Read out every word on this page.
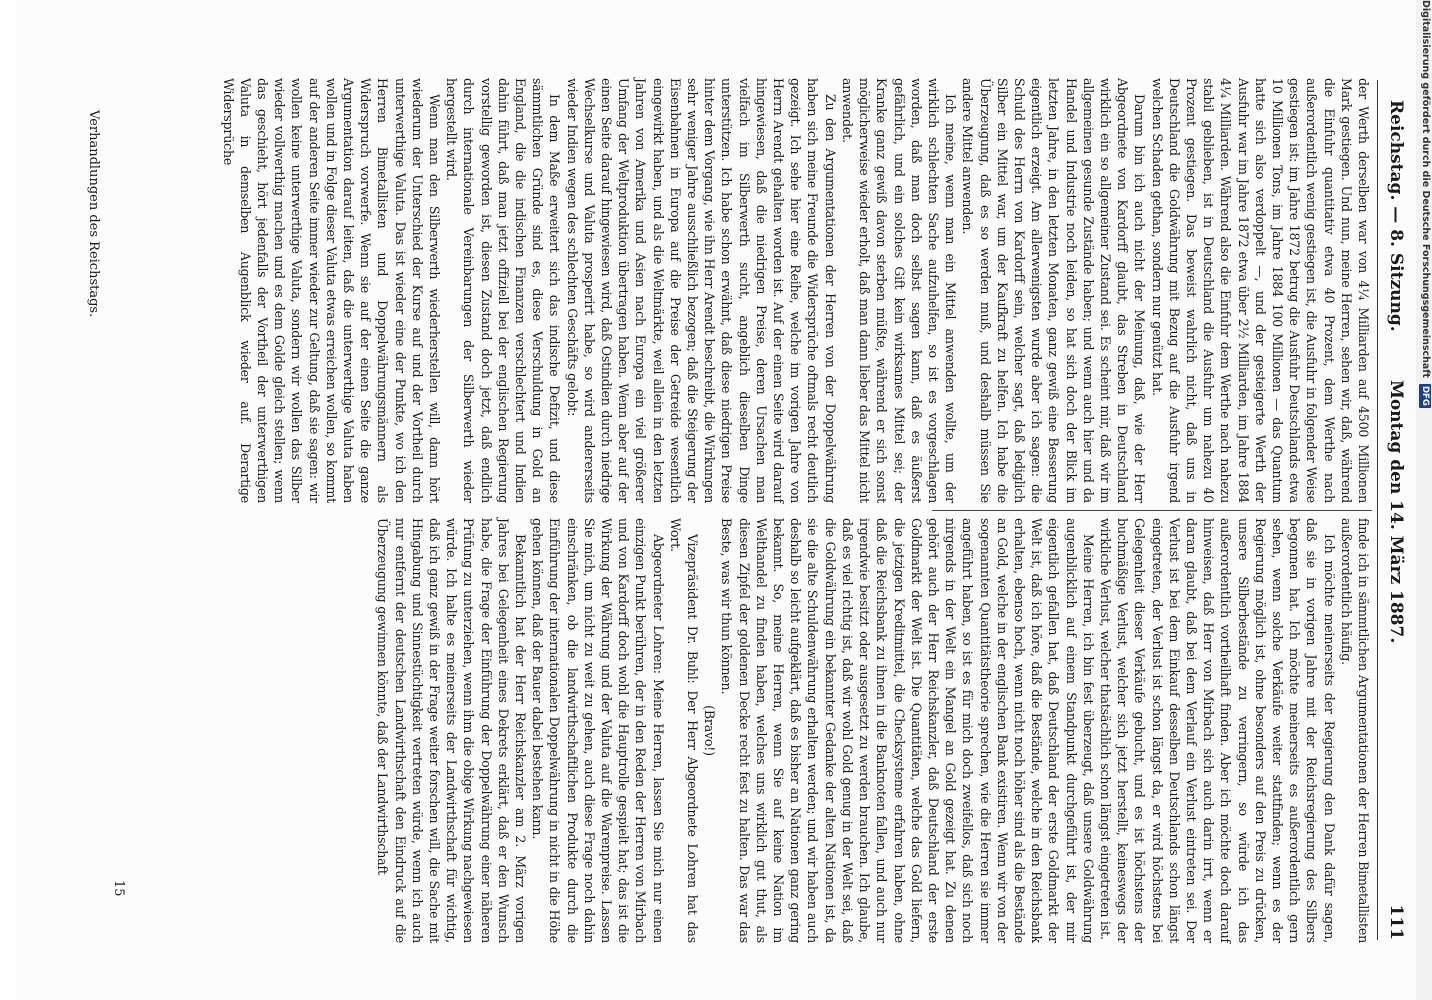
Reichstag. — 8. Sitzung.
Montag den 14. März 1887.
111

der Werth derselben war von 4¼ Milliarden auf 4500 Millionen Mark gestiegen. Und nun, meine Herren, sehen wir, daß, während die Einfuhr quantitativ etwa 40 Prozent, dem Werthe nach außerordentlich wenig gestiegen ist, die Ausfuhr in folgender Weise gestiegen ist: im Jahre 1872 betrug die Ausfuhr Deutschlands etwa 10 Millionen Tons, im Jahre 1884 100 Millionen — das Quantum hatte sich also verdoppelt —, und der gesteigerte Werth der Ausfuhr war im Jahre 1872 etwa über 2½ Milliarden, im Jahre 1884 4¼ Milliarden. Während also die Einfuhr dem Werthe nach nahezu stabil geblieben, ist in Deutschland die Ausfuhr um nahezu 40 Prozent gestiegen. Das beweist wahrlich nicht, daß uns in Deutschland die Goldwährung mit Bezug auf die Ausfuhr irgend welchen Schaden gethan, sondern nur genützt hat.

Darum bin ich auch nicht der Meinung, daß, wie der Herr Abgeordnete von Kardorff glaubt, das Streben in Deutschland wirklich ein so allgemeiner Zustand sei. Es scheint mir, daß wir im allgemeinen gesunde Zustände haben; und wenn auch hier und da Handel und Industrie noch leiden, so hat sich doch der Blick im letzten Jahre, in den letzten Monaten, ganz gewiß eine Besserung eigentlich erzeigt. Am allerwenigsten wurde aber ich sagen: die Schuld des Herrn von Kardorff sein, welcher sagt, daß lediglich Silber ein Mittel war, um der Kaufkraft zu helfen. Ich habe die Überzeugung, daß es so werden muß, und deshalb müssen Sie andere Mittel anwenden.

Ich meine, wenn man ein Mittel anwenden wollte, um der wirklich schlechten Sache aufzuhelfen, so ist es vorgeschlagen worden, daß man doch selbst sagen kann, daß es äußerst gefährlich, und ein solches Gift kein wirksames Mittel sei; der Kranke ganz gewiß davon sterben müßte, während er sich sonst möglicherweise wieder erholt, daß man dann lieber das Mittel nicht anwendet.

Zu den Argumentationen der Herren von der Doppelwährung haben sich meine Freunde die Widersprüche oftmals recht deutlich gezeigt. Ich sehe hier eine Reihe, welche im vorigen Jahre von Herrn Arendt gehalten worden ist. Auf der einen Seite wird darauf hingewiesen, daß die niedrigen Preise, deren Ursachen man vielfach im Silberwerth sucht, angeblich dieselben Dinge unterstützen. Ich habe schon erwähnt, daß diese niedrigen Preise hinter dem Vorgang, wie ihn Herr Arendt beschreibt, die Wirkungen sehr weniger Jahre ausschließlich bezogen; daß die Steigerung der Eisenbahnen in Europa auf die Preise der Getreide wesentlich eingewirkt haben, und als die Weltmärkte, weil allein in den letzten Jahren von Amerika und Asien nach Europa ein viel größerer Umfang der Weltproduktion übertragen haben. Wenn aber auf der einen Seite darauf hingewiesen wird, daß Ostindien durch niedrige Wechselkurse und Valuta prosperirt habe, so wird andererseits wieder Indien wegen des schlechten Geschäfts gelobt:

In dem Maße erweitert sich das indische Defizit, und diese sämmtlichen Gründe sind es, diese Verschuldung in Gold an England, die die indischen Finanzen verschlechtert und Indien dahin führt, daß man jetzt offiziell bei der englischen Regierung vorstellig geworden ist, diesen Zustand doch jetzt, daß endlich durch internationale Vereinbarungen der Silberwerth wieder hergestellt wird.

Wenn man den Silberwerth wiederherstellen will, dann hört wiederum der Unterschied der Kurse auf und der Vortheil durch unterwerthige Valuta. Das ist wieder eine der Punkte, wo ich den Herren Bimetallisten und Doppelwährungsmännern als Widerspruch vorwerfe. Wenn sie auf der einen Seite die ganze Argumentation darauf leiten, daß die unterwerthige Valuta haben wollen und in Folge dieser Valuta etwas erreichen wollen, so kommt auf der anderen Seite immer wieder zur Geltung, daß sie sagen: wir wollen keine unterwerthige Valuta, sondern wir wollen das Silber wieder vollwerthig machen und es dem Golde gleich stellen; wenn das geschieht, hört jedenfalls der Vortheil der unterwerthigen Valuta in demselben Augenblick wieder auf. Derartige Widersprüche

finde ich in sämmtlichen Argumentationen der Herren Bimetallisten außerordentlich häufig.

Ich möchte meinerseits der Regierung den Dank dafür sagen, daß sie in vorigen Jahre mit der Reichsregierung des Silbers begonnen hat. Ich möchte meinerseits es außerordentlich gern sehen, wenn solche Verkäufe weiter stattfinden; wenn es der Regierung möglich ist, ohne besonders auf den Preis zu drücken, unsere Silberbestände zu verringern, so würde ich das außerordentlich vortheilhaft finden. Aber ich möchte doch darauf hinweisen, daß Herr von Mirbach sich auch darin irrt, wenn er daran glaubt, daß bei dem Verlauf ein Verlust eintreten sei. Der Verlust ist bei dem Einkauf desselben Deutschlands schon längst eingetreten, der Verlust ist schon längst da, er wird höchstens bei Gelegenheit dieser Verkäufe gebucht, und es ist höchstens der buchmäßige Verlust, welcher sich jetzt herstellt, keineswegs der wirkliche Verlust, welcher thatsächlich schon längst eingetreten ist.

Meine Herren, ich bin fest überzeugt, daß unsere Goldwährung augenblicklich auf einem Standpunkt durchgeführt ist, der mir eigentlich gefallen hat, daß Deutschland der erste Goldmarkt der Welt ist, daß ich höre, daß die Bestände, welche in den Reichsbank erhalten, ebenso hoch, wenn nicht noch höher sind als die Bestände an Gold, welche in der englischen Bank existiren. Wenn wir von der sogenannten Quantitätstheorie sprechen, wie die Herren sie immer angeführt haben, so ist es für mich doch zweifellos, daß sich noch nirgends in der Welt ein Mangel an Gold gezeigt hat. Zu denen gehört auch der Herr Reichskanzler, daß Deutschland der erste Goldmarkt der Welt ist. Die Quantitäten, welche das Gold liefern, die jetzigen Kreditmittel, die Checksysteme erfahren haben, ohne daß die Reichsbank zu ihnen in die Banknoten fallen, und auch nur irgendwie besitzt oder ausgesetzt zu werden brauchen. Ich glaube, daß es viel richtig ist, daß wir wohl Gold genug in der Welt sei, daß die Goldwährung ein bekannter Gedanke der alten Nationen ist, da sie die alte Schuldenwährung erhalten werden; und wir haben auch deshalb so leicht aufgeklärt, daß es bisher an Nationen ganz gering bekannt. So, meine Herren, wenn Sie auf keine Nation im Welthandel zu finden haben, welches uns wirklich gut thut, als diesen Zipfel der goldenen Decke recht fest zu halten. Das war das Beste, was wir thun können.

(Bravo!)

Vizepräsident Dr. Buhl: Der Herr Abgeordnete Lohren hat das Wort.

Abgeordneter Lohren: Meine Herren, lassen Sie mich nur einen einzigen Punkt berühren, der in den Reden der Herren von Mirbach und von Kardorff doch wohl die Hauptrolle gespielt hat; das ist die Wirkung der Währung und der Valuta auf die Warenpreise. Lassen Sie mich, um nicht zu weit zu gehen, auch diese Frage noch dahin einschränken, ob die landwirthschaftlichen Produkte durch die Einführung der internationalen Doppelwährung in nicht in die Höhe gehen können, daß der Bauer dabei bestehen kann.

Bekanntlich hat der Herr Reichskanzler am 2. März vorigen Jahres bei Gelegenheit eines Dekrets erklärt, daß er den Wunsch habe, die Frage der Einführung der Doppelwährung einer näheren Prüfung zu unterziehen, wenn ihm die obige Wirkung nachgewiesen würde. Ich halte es meinerseits der Landwirthschaft für wichtig, daß ich ganz gewiß in der Frage weiter forschen will, die Sache mit Hingabung und Sinnestüchtigkeit vertreten würde, wenn ich auch nur entfernt der deutschen Landwirthschaft den Eindruck auf die Überzeugung gewinnen könnte, daß der Landwirthschaft

Verhandlungen des Reichstags.
15
Digitalisierung gefördert durch die Deutsche ForschungsgemeinschaftDFG
